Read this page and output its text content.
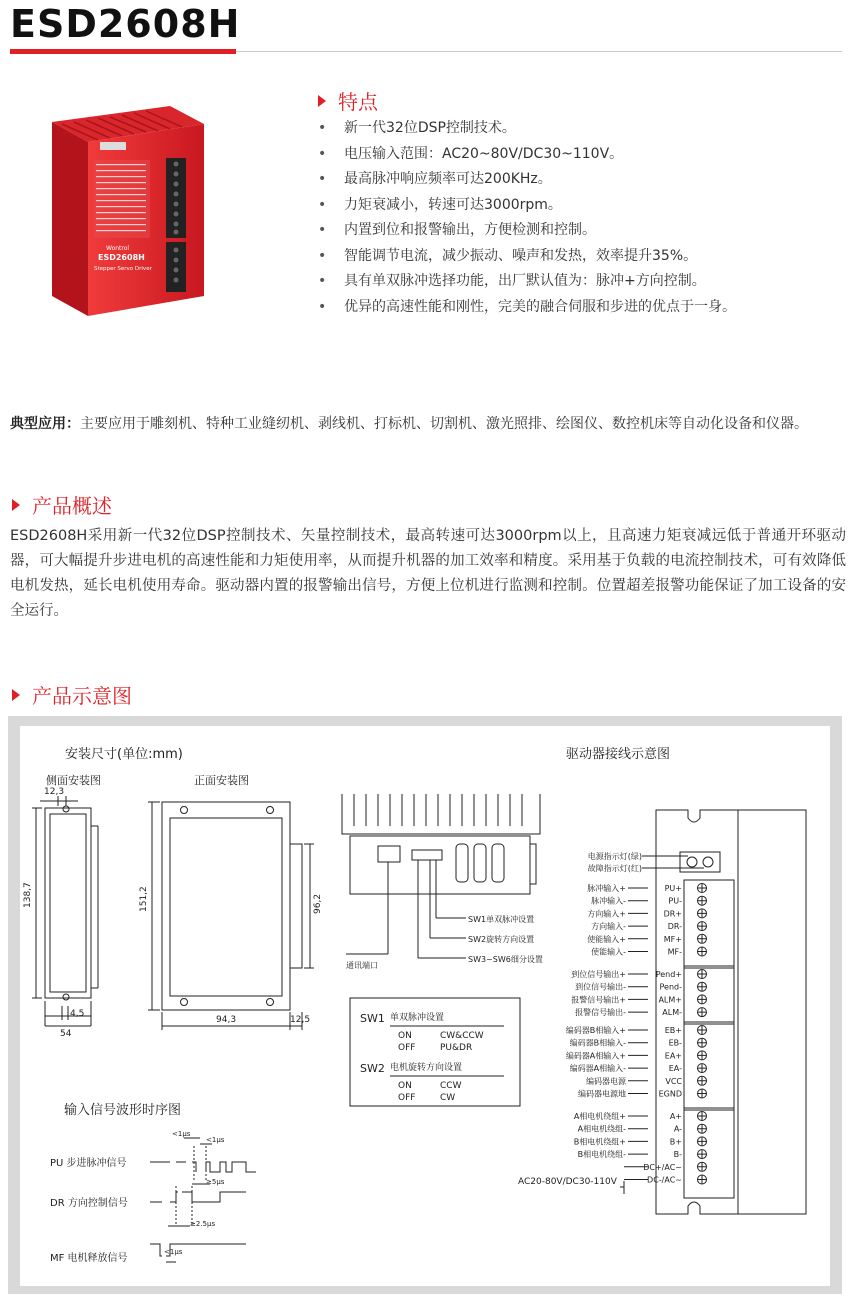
ESD2608H
Wontrol
ESD2608H
Stepper Servo Driver
特点
• 新一代32位DSP控制技术。
• 电压输入范围：AC20~80V/DC30~110V。
• 最高脉冲响应频率可达200KHz。
• 力矩衰减小，转速可达3000rpm。
• 内置到位和报警输出，方便检测和控制。
• 智能调节电流，减少振动、噪声和发热，效率提升35%。
• 具有单双脉冲选择功能，出厂默认值为：脉冲+方向控制。
• 优异的高速性能和刚性，完美的融合伺服和步进的优点于一身。
典型应用：主要应用于雕刻机、特种工业缝纫机、剥线机、打标机、切割机、激光照排、绘图仪、数控机床等自动化设备和仪器。
产品概述
ESD2608H采用新一代32位DSP控制技术、矢量控制技术，最高转速可达3000rpm以上，且高速力矩衰减远低于普通开环驱动器，可大幅提升步进电机的高速性能和力矩使用率，从而提升机器的加工效率和精度。采用基于负载的电流控制技术，可有效降低电机发热，延长电机使用寿命。驱动器内置的报警输出信号，方便上位机进行监测和控制。位置超差报警功能保证了加工设备的安全运行。
产品示意图
安装尺寸(单位:mm)
侧面安装图	正面安装图
12,3
138,7
4,5
54
151,2
94,3	12,5
96,2
SW1单双脉冲设置
SW2旋转方向设置
SW3~SW6细分设置
通讯端口
SW1 单双脉冲设置
ON	CW&CCW
OFF	PU&DR
SW2 电机旋转方向设置
ON	CCW
OFF	CW
输入信号波形时序图
PU 步进脉冲信号
DR 方向控制信号
MF 电机释放信号
<1μs
<1μs
≥5μs
≥2.5μs
<1μs
驱动器接线示意图
电源指示灯(绿)
故障指示灯(红)
脉冲输入+	PU+
脉冲输入-	PU-
方向输入+	DR+
方向输入-	DR-
使能输入+	MF+
使能输入-	MF-
到位信号输出+	Pend+
到位信号输出-	Pend-
报警信号输出+	ALM+
报警信号输出-	ALM-
编码器B相输入+	EB+
编码器B相输入-	EB-
编码器A相输入+	EA+
编码器A相输入-	EA-
编码器电源	VCC
编码器电源地	EGND
A相电机绕组+	A+
A相电机绕组-	A-
B相电机绕组+	B+
B相电机绕组-	B-
DC+/AC~
DC-/AC~
AC20-80V/DC30-110V
